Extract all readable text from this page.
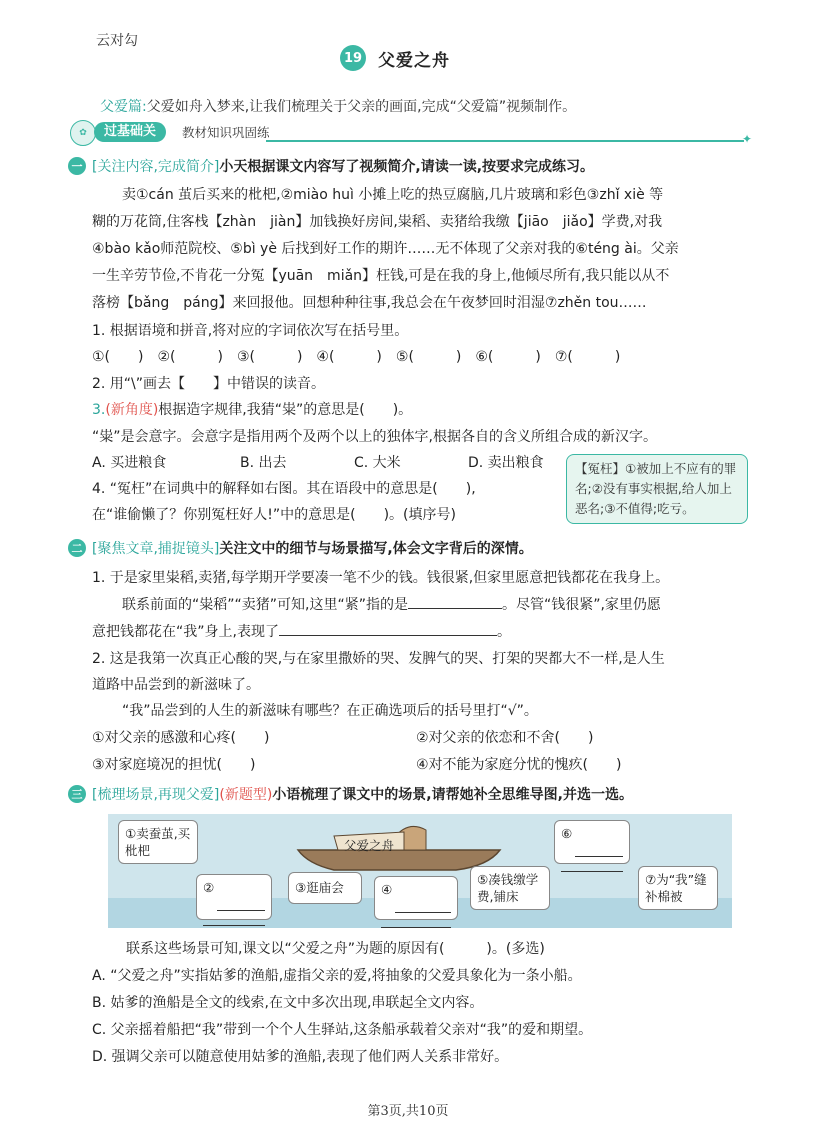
云对勾
19 父爱之舟
父爱篇:父爱如舟入梦来,让我们梳理关于父亲的画面,完成“父爱篇”视频制作。
✿	过基础关	教材知识巩固练	✦
一 [关注内容,完成简介] 小天根据课文内容写了视频简介,请读一读,按要求完成练习。
卖①cán 茧后买来的枇杷,②miào huì 小摊上吃的热豆腐脑,几片玻璃和彩色③zhǐ xiè 等
糊的万花筒,住客栈【zhàn　jiàn】加钱换好房间,粜稻、卖猪给我缴【jiāo　jiǎo】学费,对我
④bào kǎo师范院校、⑤bì yè 后找到好工作的期许……无不体现了父亲对我的⑥téng ài。父亲
一生辛劳节俭,不肯花一分冤【yuān　miǎn】枉钱,可是在我的身上,他倾尽所有,我只能以从不
落榜【bǎng　páng】来回报他。回想种种往事,我总会在午夜梦回时泪湿⑦zhěn tou……
1. 根据语境和拼音,将对应的字词依次写在括号里。
①(　　)　②(　　　)　③(　　　)　④(　　　)　⑤(　　　)　⑥(　　　)　⑦(　　　)
2. 用“\”画去【　　】中错误的读音。
3.(新角度)根据造字规律,我猜“粜”的意思是(　　)。
“粜”是会意字。会意字是指用两个及两个以上的独体字,根据各自的含义所组合成的新汉字。
A. 买进粮食	B. 出去	C. 大米	D. 卖出粮食
4. “冤枉”在词典中的解释如右图。其在语段中的意思是(　　),
在“谁偷懒了？你别冤枉好人!”中的意思是(　　)。(填序号)
【冤枉】①被加上不应有的罪名;②没有事实根据,给人加上恶名;③不值得;吃亏。
二 [聚焦文章,捕捉镜头] 关注文中的细节与场景描写,体会文字背后的深情。
1. 于是家里粜稻,卖猪,每学期开学要凑一笔不少的钱。钱很紧,但家里愿意把钱都花在我身上。
联系前面的“粜稻”“卖猪”可知,这里“紧”指的是	。尽管“钱很紧”,家里仍愿
意把钱都花在“我”身上,表现了	。
2. 这是我第一次真正心酸的哭,与在家里撒娇的哭、发脾气的哭、打架的哭都大不一样,是人生
道路中品尝到的新滋味了。
“我”品尝到的人生的新滋味有哪些？在正确选项后的括号里打“√”。
①对父亲的感激和心疼(　　)	②对父亲的依恋和不舍(　　)
③对家庭境况的担忧(　　)	④对不能为家庭分忧的愧疚(　　)
三 [梳理场景,再现父爱] (新题型) 小语梳理了课文中的场景,请帮她补全思维导图,并选一选。
父爱之舟
①卖蚕茧,买枇杷
②	③逛庙会	④
⑤凑钱缴学费,铺床
⑥
⑦为“我”缝补棉被
联系这些场景可知,课文以“父爱之舟”为题的原因有(　　　)。(多选)
A. “父爱之舟”实指姑爹的渔船,虚指父亲的爱,将抽象的父爱具象化为一条小船。
B. 姑爹的渔船是全文的线索,在文中多次出现,串联起全文内容。
C. 父亲摇着船把“我”带到一个个人生驿站,这条船承载着父亲对“我”的爱和期望。
D. 强调父亲可以随意使用姑爹的渔船,表现了他们两人关系非常好。
第3页,共10页
